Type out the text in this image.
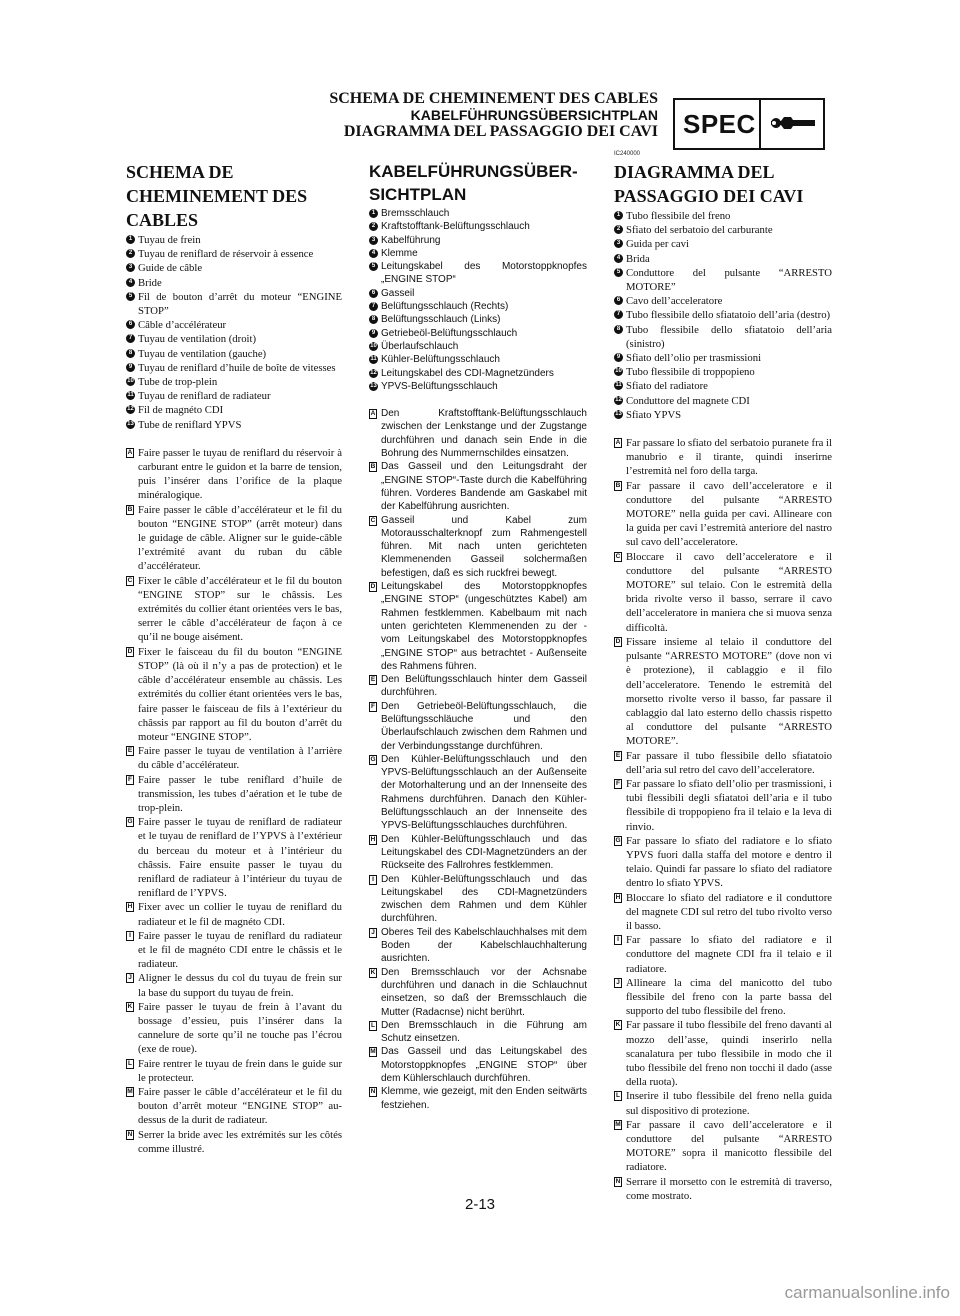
SCHEMA DE CHEMINEMENT DES CABLES
KABELFÜHRUNGSÜBERSICHTPLAN
DIAGRAMMA DEL PASSAGGIO DEI CAVI SPEC
SCHEMA DE CHEMINEMENT DES CABLES
1 Tuyau de frein
2 Tuyau de reniflard de réservoir à essence
3 Guide de câble
4 Bride
5 Fil de bouton d’arrêt du moteur “ENGINE STOP”
6 Câble d’accélérateur
7 Tuyau de ventilation (droit)
8 Tuyau de ventilation (gauche)
9 Tuyau de reniflard d’huile de boîte de vitesses
10 Tube de trop-plein
11 Tuyau de reniflard de radiateur
12 Fil de magnéto CDI
13 Tube de reniflard YPVS
A Faire passer le tuyau de reniflard du réservoir à carburant entre le guidon et la barre de tension, puis l’insérer dans l’orifice de la plaque minéralogique.
B Faire passer le câble d’accélérateur et le fil du bouton “ENGINE STOP” (arrêt moteur) dans le guidage de câble. Aligner sur le guide-câble l’extrémité avant du ruban du câble d’accélérateur.
C Fixer le câble d’accélérateur et le fil du bouton “ENGINE STOP” sur le châssis. Les extrémités du collier étant orientées vers le bas, serrer le câble d’accélérateur de façon à ce qu’il ne bouge aisément.
D Fixer le faisceau du fil du bouton “ENGINE STOP” (là où il n’y a pas de protection) et le câble d’accélérateur ensemble au châssis. Les extrémités du collier étant orientées vers le bas, faire passer le faisceau de fils à l’extérieur du châssis par rapport au fil du bouton d’arrêt du moteur “ENGINE STOP”.
E Faire passer le tuyau de ventilation à l’arrière du câble d’accélérateur.
F Faire passer le tube reniflard d’huile de transmission, les tubes d’aération et le tube de trop-plein.
G Faire passer le tuyau de reniflard de radiateur et le tuyau de reniflard de l’YPVS à l’extérieur du berceau du moteur et à l’intérieur du châssis. Faire ensuite passer le tuyau du reniflard de radiateur à l’intérieur du tuyau de reniflard de l’YPVS.
H Fixer avec un collier le tuyau de reniflard du radiateur et le fil de magnéto CDI.
I Faire passer le tuyau de reniflard du radiateur et le fil de magnéto CDI entre le châssis et le radiateur.
J Aligner le dessus du col du tuyau de frein sur la base du support du tuyau de frein.
K Faire passer le tuyau de frein à l’avant du bossage d’essieu, puis l’insérer dans la cannelure de sorte qu’il ne touche pas l’écrou (exe de roue).
L Faire rentrer le tuyau de frein dans le guide sur le protecteur.
M Faire passer le câble d’accélérateur et le fil du bouton d’arrêt moteur “ENGINE STOP” au-dessus de la durit de radiateur.
N Serrer la bride avec les extrémités sur les côtés comme illustré.
KABELFÜHRUNGSÜBER-SICHTPLAN
1 Bremsschlauch
2 Kraftstofftank-Belüftungsschlauch
3 Kabelführung
4 Klemme
5 Leitungskabel des Motorstoppknopfes „ENGINE STOP“
6 Gasseil
7 Belüftungsschlauch (Rechts)
8 Belüftungsschlauch (Links)
9 Getriebeöl-Belüftungsschlauch
10 Überlaufschlauch
11 Kühler-Belüftungsschlauch
12 Leitungskabel des CDI-Magnetzünders
13 YPVS-Belüftungsschlauch
A Den Kraftstofftank-Belüftungsschlauch zwischen der Lenkstange und der Zugstange durchführen und danach sein Ende in die Bohrung des Nummernschildes einsatzen.
B Das Gasseil und den Leitungsdraht der „ENGINE STOP“-Taste durch die Kabelführing führen. Vorderes Bandende am Gaskabel mit der Kabelführung ausrichten.
C Gasseil und Kabel zum Motorausschalterknopf zum Rahmengestell führen. Mit nach unten gerichteten Klemmenenden Gasseil solchermaßen befestigen, daß es sich ruckfrei bewegt.
D Leitungskabel des Motorstoppknopfes „ENGINE STOP“ (ungeschütztes Kabel) am Rahmen festklemmen. Kabelbaum mit nach unten gerichteten Klemmenenden zu der - vom Leitungskabel des Motorstoppknopfes „ENGINE STOP“ aus betrachtet - Außenseite des Rahmens führen.
E Den Belüftungsschlauch hinter dem Gasseil durchführen.
F Den Getriebeöl-Belüftungsschlauch, die Belüftungsschläuche und den Überlaufschlauch zwischen dem Rahmen und der Verbindungsstange durchführen.
G Den Kühler-Belüftungsschlauch und den YPVS-Belüftungsschlauch an der Außenseite der Motorhalterung und an der Innenseite des Rahmens durchführen. Danach den Kühler-Belüftungsschlauch an der Innenseite des YPVS-Belüftungsschlauches durchführen.
H Den Kühler-Belüftungsschlauch und das Leitungskabel des CDI-Magnetzünders an der Rückseite des Fallrohres festklemmen.
I Den Kühler-Belüftungsschlauch und das Leitungskabel des CDI-Magnetzünders zwischen dem Rahmen und dem Kühler durchführen.
J Oberes Teil des Kabelschlauchhalses mit dem Boden der Kabelschlauchhalterung ausrichten.
K Den Bremsschlauch vor der Achsnabe durchführen und danach in die Schlauchnut einsetzen, so daß der Bremsschlauch die Mutter (Radacnse) nicht berührt.
L Den Bremsschlauch in die Führung am Schutz einsetzen.
M Das Gasseil und das Leitungskabel des Motorstoppknopfes „ENGINE STOP“ über dem Kühlerschlauch durchführen.
N Klemme, wie gezeigt, mit den Enden seitwärts festziehen.
IC240000
DIAGRAMMA DEL PASSAGGIO DEI CAVI
1 Tubo flessibile del freno
2 Sfiato del serbatoio del carburante
3 Guida per cavi
4 Brida
5 Conduttore del pulsante “ARRESTO MOTORE”
6 Cavo dell’acceleratore
7 Tubo flessibile dello sfiatatoio dell’aria (destro)
8 Tubo flessibile dello sfiatatoio dell’aria (sinistro)
9 Sfiato dell’olio per trasmissioni
10 Tubo flessibile di troppopieno
11 Sfiato del radiatore
12 Conduttore del magnete CDI
13 Sfiato YPVS
A Far passare lo sfiato del serbatoio puranete fra il manubrio e il tirante, quindi inserirne l’estremità nel foro della targa.
B Far passare il cavo dell’acceleratore e il conduttore del pulsante “ARRESTO MOTORE” nella guida per cavi. Allineare con la guida per cavi l’estremità anteriore del nastro sul cavo dell’acceleratore.
C Bloccare il cavo dell’acceleratore e il conduttore del pulsante “ARRESTO MOTORE” sul telaio. Con le estremità della brida rivolte verso il basso, serrare il cavo dell’acceleratore in maniera che si muova senza difficoltà.
D Fissare insieme al telaio il conduttore del pulsante “ARRESTO MOTORE” (dove non vi è protezione), il cablaggio e il filo dell’acceleratore. Tenendo le estremità del morsetto rivolte verso il basso, far passare il cablaggio dal lato esterno dello chassis rispetto al conduttore del pulsante “ARRESTO MOTORE”.
E Far passare il tubo flessibile dello sfiatatoio dell’aria sul retro del cavo dell’acceleratore.
F Far passare lo sfiato dell’olio per trasmissioni, i tubi flessibili degli sfiatatoi dell’aria e il tubo flessibile di troppopieno fra il telaio e la leva di rinvio.
G Far passare lo sfiato del radiatore e lo sfiato YPVS fuori dalla staffa del motore e dentro il telaio. Quindi far passare lo sfiato del radiatore dentro lo sfiato YPVS.
H Bloccare lo sfiato del radiatore e il conduttore del magnete CDI sul retro del tubo rivolto verso il basso.
I Far passare lo sfiato del radiatore e il conduttore del magnete CDI fra il telaio e il radiatore.
J Allineare la cima del manicotto del tubo flessibile del freno con la parte bassa del supporto del tubo flessibile del freno.
K Far passare il tubo flessibile del freno davanti al mozzo dell’asse, quindi inserirlo nella scanalatura per tubo flessibile in modo che il tubo flessibile del freno non tocchi il dado (asse della ruota).
L Inserire il tubo flessibile del freno nella guida sul dispositivo di protezione.
M Far passare il cavo dell’acceleratore e il conduttore del pulsante “ARRESTO MOTORE” sopra il manicotto flessibile del radiatore.
N Serrare il morsetto con le estremità di traverso, come mostrato.
2-13
carmanualsonline.info
